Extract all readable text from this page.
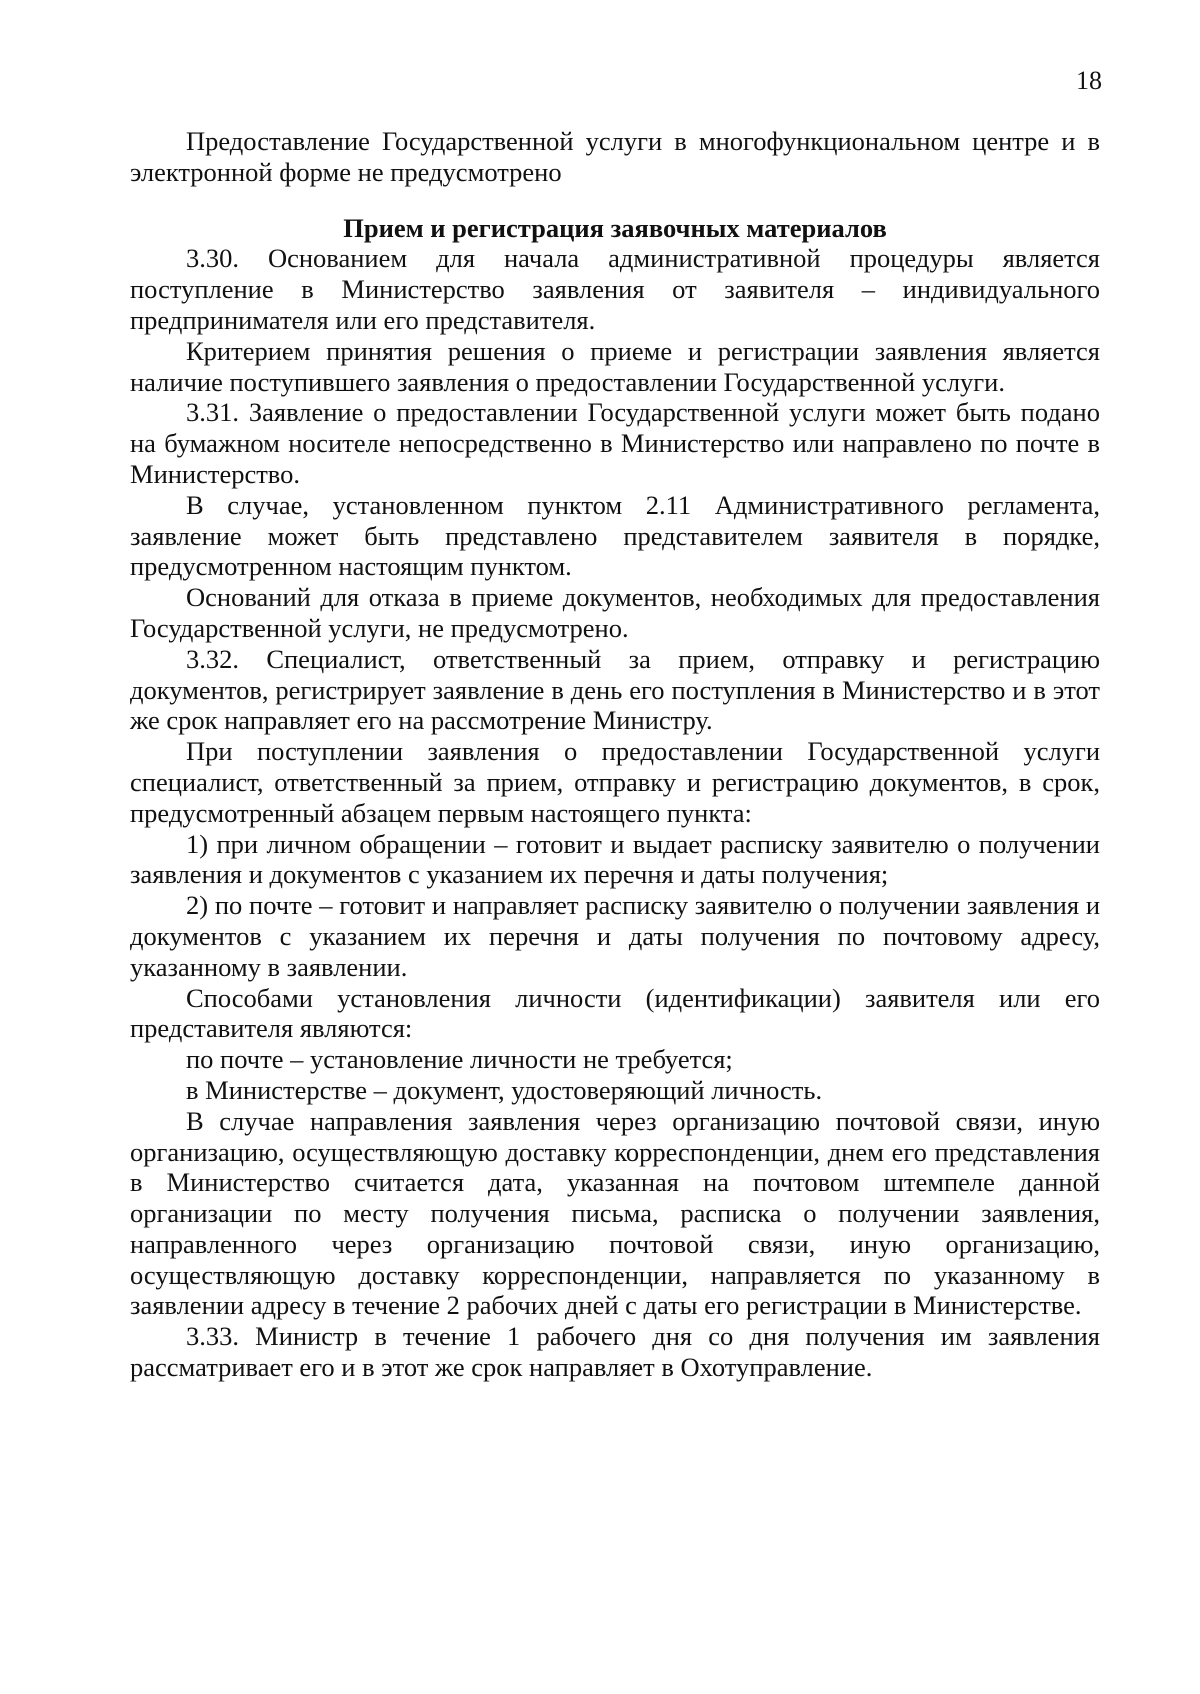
18

Предоставление Государственной услуги в многофункциональном центре и в электронной форме не предусмотрено

Прием и регистрация заявочных материалов

3.30. Основанием для начала административной процедуры является поступление в Министерство заявления от заявителя – индивидуального предпринимателя или его представителя.

Критерием принятия решения о приеме и регистрации заявления является наличие поступившего заявления о предоставлении Государственной услуги.

3.31. Заявление о предоставлении Государственной услуги может быть подано на бумажном носителе непосредственно в Министерство или направлено по почте в Министерство.

В случае, установленном пунктом 2.11 Административного регламента, заявление может быть представлено представителем заявителя в порядке, предусмотренном настоящим пунктом.

Оснований для отказа в приеме документов, необходимых для предоставления Государственной услуги, не предусмотрено.

3.32. Специалист, ответственный за прием, отправку и регистрацию документов, регистрирует заявление в день его поступления в Министерство и в этот же срок направляет его на рассмотрение Министру.

При поступлении заявления о предоставлении Государственной услуги специалист, ответственный за прием, отправку и регистрацию документов, в срок, предусмотренный абзацем первым настоящего пункта:

1) при личном обращении – готовит и выдает расписку заявителю о получении заявления и документов с указанием их перечня и даты получения;

2) по почте – готовит и направляет расписку заявителю о получении заявления и документов с указанием их перечня и даты получения по почтовому адресу, указанному в заявлении.

Способами установления личности (идентификации) заявителя или его представителя являются:

по почте – установление личности не требуется;

в Министерстве – документ, удостоверяющий личность.

В случае направления заявления через организацию почтовой связи, иную организацию, осуществляющую доставку корреспонденции, днем его представления в Министерство считается дата, указанная на почтовом штемпеле данной организации по месту получения письма, расписка о получении заявления, направленного через организацию почтовой связи, иную организацию, осуществляющую доставку корреспонденции, направляется по указанному в заявлении адресу в течение 2 рабочих дней с даты его регистрации в Министерстве.

3.33. Министр в течение 1 рабочего дня со дня получения им заявления рассматривает его и в этот же срок направляет в Охотуправление.
